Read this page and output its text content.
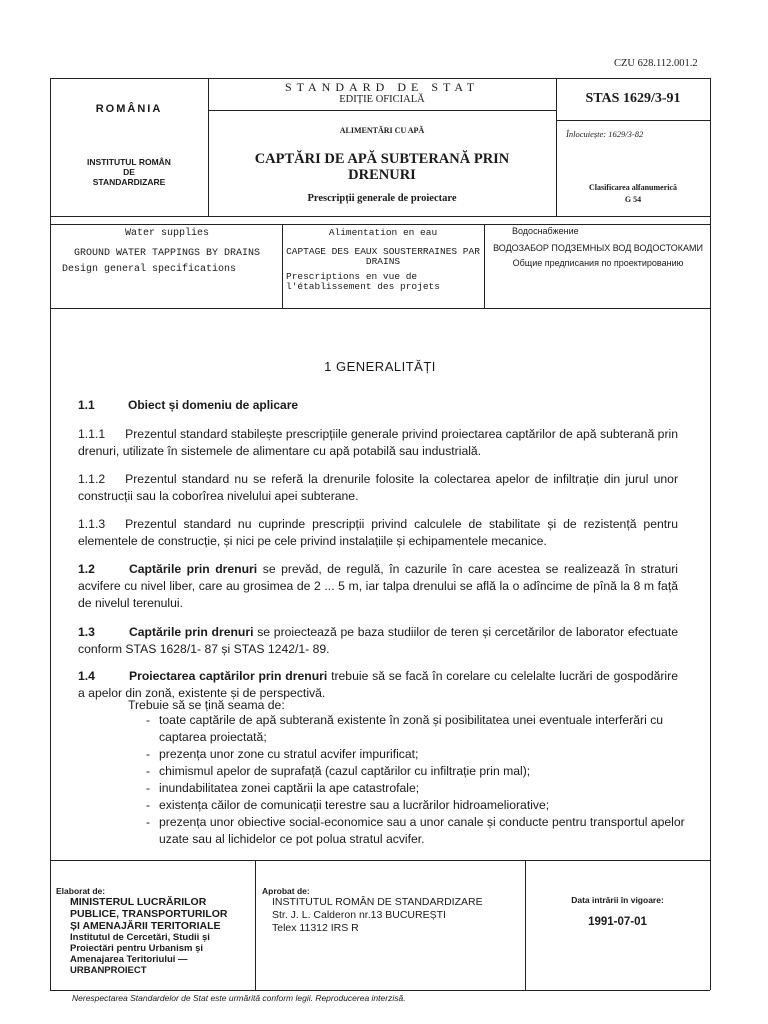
CZU 628.112.001.2
ROMÂNIA
INSTITUTUL ROMÂN
DE
STANDARDIZARE
STANDARD DE STAT
EDIȚIE OFICIALĂ
ALIMENTĂRI CU APĂ
CAPTĂRI DE APĂ SUBTERANĂ PRIN
DRENURI
Prescripții generale de proiectare
STAS 1629/3-91
Înlocuiește: 1629/3-82
Clasificarea alfanumerică
G 54
Water supplies
GROUND WATER TAPPINGS BY DRAINS
Design general specifications
Alimentation en eau
CAPTAGE DES EAUX SOUSTERRAINES PAR DRAINS
Prescriptions en vue de l'établissement des projets
Водоснабжение
ВОДОЗАБОР ПОДЗЕМНЫХ ВОД ВОДОСТОКАМИ
Общие предписания по проектированию
1 GENERALITĂȚI
1.1	Obiect și domeniu de aplicare
1.1.1 Prezentul standard stabilește prescripțiile generale privind proiectarea captărilor de apă subterană prin drenuri, utilizate în sistemele de alimentare cu apă potabilă sau industrială.
1.1.2 Prezentul standard nu se referă la drenurile folosite la colectarea apelor de infiltrație din jurul unor construcții sau la coborîrea nivelului apei subterane.
1.1.3 Prezentul standard nu cuprinde prescripții privind calculele de stabilitate și de rezistență pentru elementele de construcție, și nici pe cele privind instalațiile și echipamentele mecanice.
1.2	Captările prin drenuri se prevăd, de regulă, în cazurile în care acestea se realizează în straturi acvifere cu nivel liber, care au grosimea de 2 ... 5 m, iar talpa drenului se află la o adîncime de pînă la 8 m față de nivelul terenului.
1.3	Captările prin drenuri se proiectează pe baza studiilor de teren și cercetărilor de laborator efectuate conform STAS 1628/1- 87 și STAS 1242/1- 89.
1.4	Proiectarea captărilor prin drenuri trebuie să se facă în corelare cu celelalte lucrări de gospodărire a apelor din zonă, existente și de perspectivă.
Trebuie să se țină seama de:
- toate captările de apă subterană existente în zonă și posibilitatea unei eventuale interferări cu captarea proiectată;
- prezența unor zone cu stratul acvifer impurificat;
- chimismul apelor de suprafață (cazul captărilor cu infiltrație prin mal);
- inundabilitatea zonei captării la ape catastrofale;
- existența căilor de comunicații terestre sau a lucrărilor hidroameliorative;
- prezența unor obiective social-economice sau a unor canale și conducte pentru transportul apelor uzate sau al lichidelor ce pot polua stratul acvifer.
Elaborat de:
MINISTERUL LUCRĂRILOR
PUBLICE, TRANSPORTURILOR
ȘI AMENAJĂRII TERITORIALE
Institutul de Cercetări, Studii și
Proiectări pentru Urbanism și
Amenajarea Teritoriului —
URBANPROIECT
Aprobat de:
INSTITUTUL ROMÂN DE STANDARDIZARE
Str. J. L. Calderon nr.13 BUCUREȘTI
Telex 11312 IRS R
Data intrării în vigoare:
1991-07-01
Nerespectarea Standardelor de Stat este urmărită conform legii. Reproducerea interzisă.
